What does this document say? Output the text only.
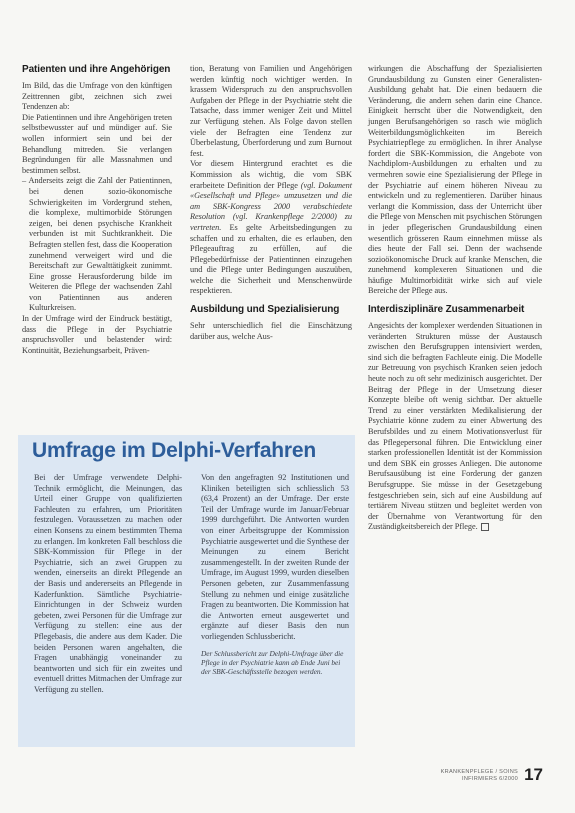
Patienten und ihre Angehörigen

Im Bild, das die Umfrage von den künftigen Zeittrennen gibt, zeichnen sich zwei Tendenzen ab:

Die Patientinnen und ihre Angehörigen treten selbstbewusster auf und mündiger auf. Sie wollen informiert sein und bei der Behandlung mitreden. Sie verlangen Begründungen für alle Massnahmen und bestimmen selbst.

– Anderseits zeigt die Zahl der Patientinnen, bei denen sozio-ökonomische Schwierigkeiten im Vordergrund stehen, die komplexe, multimorbide Störungen zeigen, bei denen psychische Krankheit verbunden ist mit Suchtkrankheit. Die Befragten stellen fest, dass die Kooperation zunehmend verweigert wird und die Bereitschaft zur Gewalttätigkeit zunimmt. Eine grosse Herausforderung bilde im Weiteren die Pflege der wachsenden Zahl von Patientinnen aus anderen Kulturkreisen.

In der Umfrage wird der Eindruck bestätigt, dass die Pflege in der Psychiatrie anspruchsvoller und belastender wird: Kontinuität, Beziehungsarbeit, Präven-

tion, Beratung von Familien und Angehörigen werden künftig noch wichtiger werden. In krassem Widerspruch zu den anspruchsvollen Aufgaben der Pflege in der Psychiatrie steht die Tatsache, dass immer weniger Zeit und Mittel zur Verfügung stehen. Als Folge davon stellen viele der Befragten eine Tendenz zur Überbelastung, Überforderung und zum Burnout fest.

Vor diesem Hintergrund erachtet es die Kommission als wichtig, die vom SBK erarbeitete Definition der Pflege (vgl. Dokument «Gesellschaft und Pflege» umzusetzen und die am SBK-Kongress 2000 verabschiedete Resolution (vgl. Krankenpflege 2/2000) zu vertreten. Es gelte Arbeitsbedingungen zu schaffen und zu erhalten, die es erlauben, den Pflegeauftrag zu erfüllen, auf die Pflegebedürfnisse der Patientinnen einzugehen und die Pflege unter Bedingungen auszuüben, welche die Sicherheit und Menschenwürde respektieren.

Ausbildung und Spezialisierung

Sehr unterschiedlich fiel die Einschätzung darüber aus, welche Aus-

wirkungen die Abschaffung der Spezialisierten Grundausbildung zu Gunsten einer Generalisten-Ausbildung gehabt hat. Die einen bedauern die Veränderung, die andern sehen darin eine Chance. Einigkeit herrscht über die Notwendigkeit, den jungen Berufsangehörigen so rasch wie möglich Weiterbildungsmöglichkeiten im Bereich Psychiatriepflege zu ermöglichen. In ihrer Analyse fordert die SBK-Kommission, die Angebote von Nachdiplom-Ausbildungen zu erhalten und zu vermehren sowie eine Spezialisierung der Pflege in der Psychiatrie auf einem höheren Niveau zu entwickeln und zu reglementieren. Darüber hinaus verlangt die Kommission, dass der Unterricht über die Pflege von Menschen mit psychischen Störungen in jeder pflegerischen Grundausbildung einen wesentlich grösseren Raum einnehmen müsse als dies heute der Fall sei. Denn der wachsende sozioökonomische Druck auf kranke Menschen, die zunehmend komplexeren Situationen und die häufige Multimorbidität wirke sich auf viele Bereiche der Pflege aus.

Interdisziplinäre Zusammenarbeit

Angesichts der komplexer werdenden Situationen in veränderten Strukturen müsse der Austausch zwischen den Berufsgruppen intensiviert werden, sind sich die befragten Fachleute einig. Die Modelle zur Betreuung von psychisch Kranken seien jedoch heute noch zu oft sehr medizinisch ausgerichtet. Der Beitrag der Pflege in der Umsetzung dieser Konzepte bleibe oft wenig sichtbar. Der aktuelle Trend zu einer verstärkten Medikalisierung der Psychiatrie könne zudem zu einer Abwertung des Berufsbildes und zu einem Motivationsverlust für das Pflegepersonal führen. Die Entwicklung einer starken professionellen Identität ist der Kommission und dem SBK ein grosses Anliegen. Die autonome Berufsausübung ist eine Forderung der ganzen Berufsgruppe. Sie müsse in der Gesetzgebung festgeschrieben sein, sich auf eine Ausbildung auf tertiärem Niveau stützen und begleitet werden von der Übernahme von Verantwortung für den Zuständigkeitsbereich der Pflege.

Umfrage im Delphi-Verfahren

Bei der Umfrage verwendete Delphi-Technik ermöglicht, die Meinungen, das Urteil einer Gruppe von qualifizierten Fachleuten zu erfahren, um Prioritäten festzulegen. Voraussetzen zu machen oder einen Konsens zu einem bestimmten Thema zu erlangen. Im konkreten Fall beschloss die SBK-Kommission für Pflege in der Psychiatrie, sich an zwei Gruppen zu wenden, einerseits an direkt Pflegende an der Basis und andererseits an Pflegende in Kaderfunktion. Sämtliche Psychiatrie-Einrichtungen in der Schweiz wurden gebeten, zwei Personen für die Umfrage zur Verfügung zu stellen: eine aus der Pflegebasis, die andere aus dem Kader. Die beiden Personen waren angehalten, die Fragen unabhängig voneinander zu beantworten und sich für ein zweites und eventuell drittes Mitmachen der Umfrage zur Verfügung zu stellen.

Von den angefragten 92 Institutionen und Kliniken beteiligten sich schliesslich 53 (63,4 Prozent) an der Umfrage. Der erste Teil der Umfrage wurde im Januar/Februar 1999 durchgeführt. Die Antworten wurden von einer Arbeitsgruppe der Kommission Psychiatrie ausgewertet und die Synthese der Meinungen zu einem Bericht zusammengestellt. In der zweiten Runde der Umfrage, im August 1999, wurden dieselben Personen gebeten, zur Zusammenfassung Stellung zu nehmen und einige zusätzliche Fragen zu beantworten. Die Kommission hat die Antworten erneut ausgewertet und ergänzte auf dieser Basis den nun vorliegenden Schlussbericht.

Der Schlussbericht zur Delphi-Umfrage über die Pflege in der Psychiatrie kann ab Ende Juni bei der SBK-Geschäftsstelle bezogen werden.

KRANKENPFLEGE / SOINS
INFIRMIERS 6/2000 17
